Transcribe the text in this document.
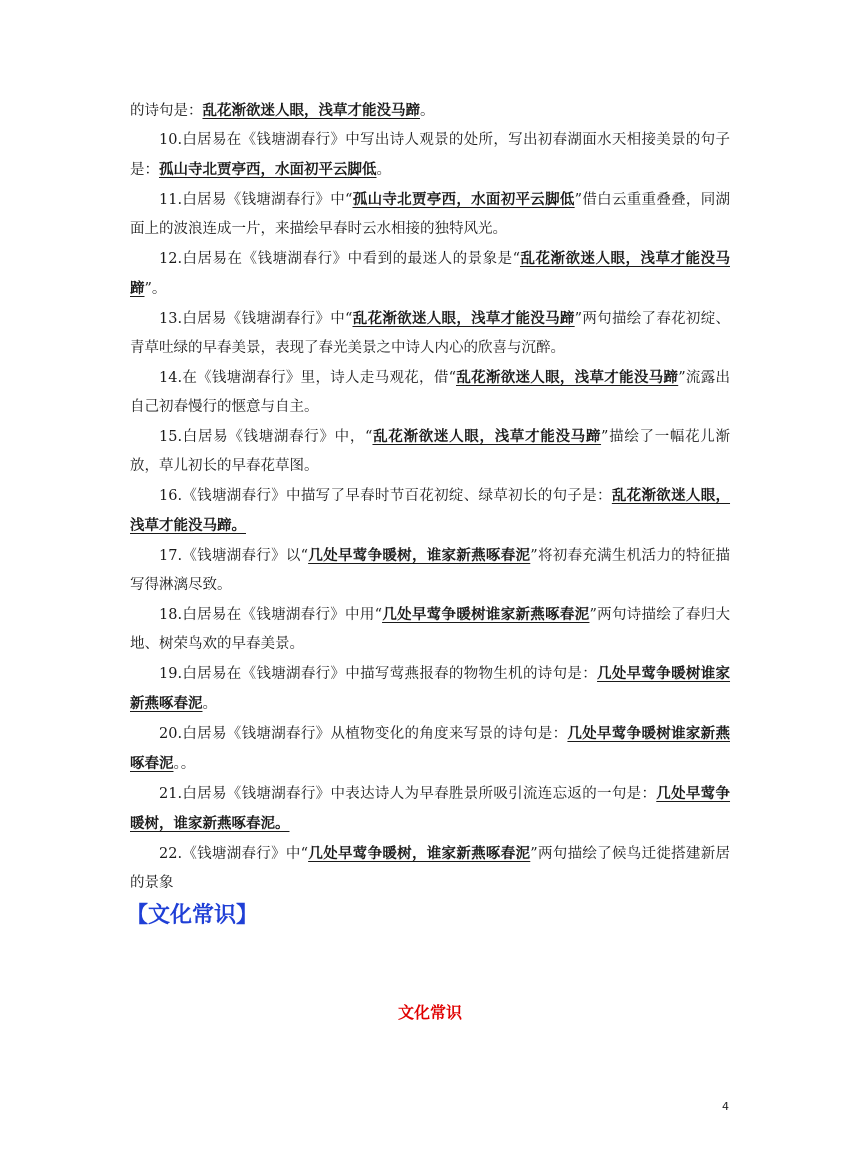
的诗句是：乱花渐欲迷人眼，浅草才能没马蹄。

10.白居易在《钱塘湖春行》中写出诗人观景的处所，写出初春湖面水天相接美景的句子是：孤山寺北贾亭西，水面初平云脚低。

11.白居易《钱塘湖春行》中“孤山寺北贾亭西，水面初平云脚低”借白云重重叠叠，同湖面上的波浪连成一片，来描绘早春时云水相接的独特风光。

12.白居易在《钱塘湖春行》中看到的最迷人的景象是“乱花渐欲迷人眼，浅草才能没马蹄”。

13.白居易《钱塘湖春行》中“乱花渐欲迷人眼，浅草才能没马蹄”两句描绘了春花初绽、青草吐绿的早春美景，表现了春光美景之中诗人内心的欣喜与沉醉。

14.在《钱塘湖春行》里，诗人走马观花，借“乱花渐欲迷人眼，浅草才能没马蹄”流露出自己初春慢行的惬意与自主。

15.白居易《钱塘湖春行》中，“乱花渐欲迷人眼，浅草才能没马蹄”描绘了一幅花儿渐放，草儿初长的早春花草图。

16.《钱塘湖春行》中描写了早春时节百花初绽、绿草初长的句子是：乱花渐欲迷人眼，浅草才能没马蹄。

17.《钱塘湖春行》以“几处早莺争暖树，谁家新燕啄春泥”将初春充满生机活力的特征描写得淋漓尽致。

18.白居易在《钱塘湖春行》中用“几处早莺争暖树谁家新燕啄春泥”两句诗描绘了春归大地、树荣鸟欢的早春美景。

19.白居易在《钱塘湖春行》中描写莺燕报春的物物生机的诗句是：几处早莺争暖树谁家新燕啄春泥。

20.白居易《钱塘湖春行》从植物变化的角度来写景的诗句是：几处早莺争暖树谁家新燕啄春泥。。

21.白居易《钱塘湖春行》中表达诗人为早春胜景所吸引流连忘返的一句是：几处早莺争暖树，谁家新燕啄春泥。

22.《钱塘湖春行》中“几处早莺争暖树，谁家新燕啄春泥”两句描绘了候鸟迁徙搭建新居的景象

【文化常识】
文化常识
4
